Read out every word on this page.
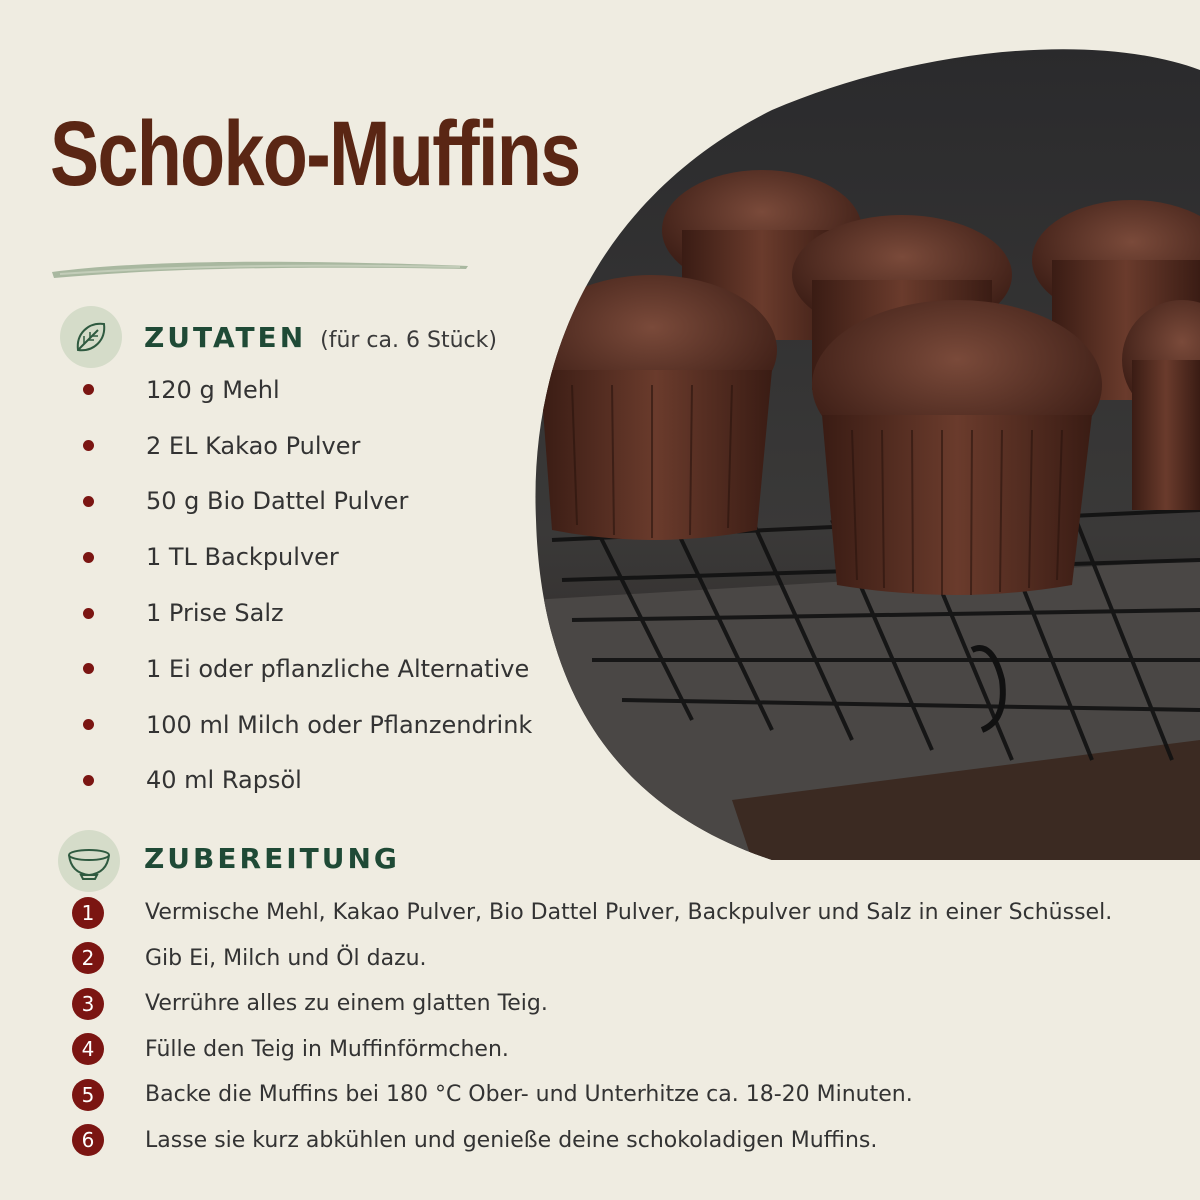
Schoko-Muffins
ZUTATEN (für ca. 6 Stück)
120 g Mehl
2 EL Kakao Pulver
50 g Bio Dattel Pulver
1 TL Backpulver
1 Prise Salz
1 Ei oder pflanzliche Alternative
100 ml Milch oder Pflanzendrink
40 ml Rapsöl
ZUBEREITUNG
1	Vermische Mehl, Kakao Pulver, Bio Dattel Pulver, Backpulver und Salz in einer Schüssel.
2	Gib Ei, Milch und Öl dazu.
3	Verrühre alles zu einem glatten Teig.
4	Fülle den Teig in Muffinförmchen.
5	Backe die Muffins bei 180 °C Ober- und Unterhitze ca. 18-20 Minuten.
6	Lasse sie kurz abkühlen und genieße deine schokoladigen Muffins.
